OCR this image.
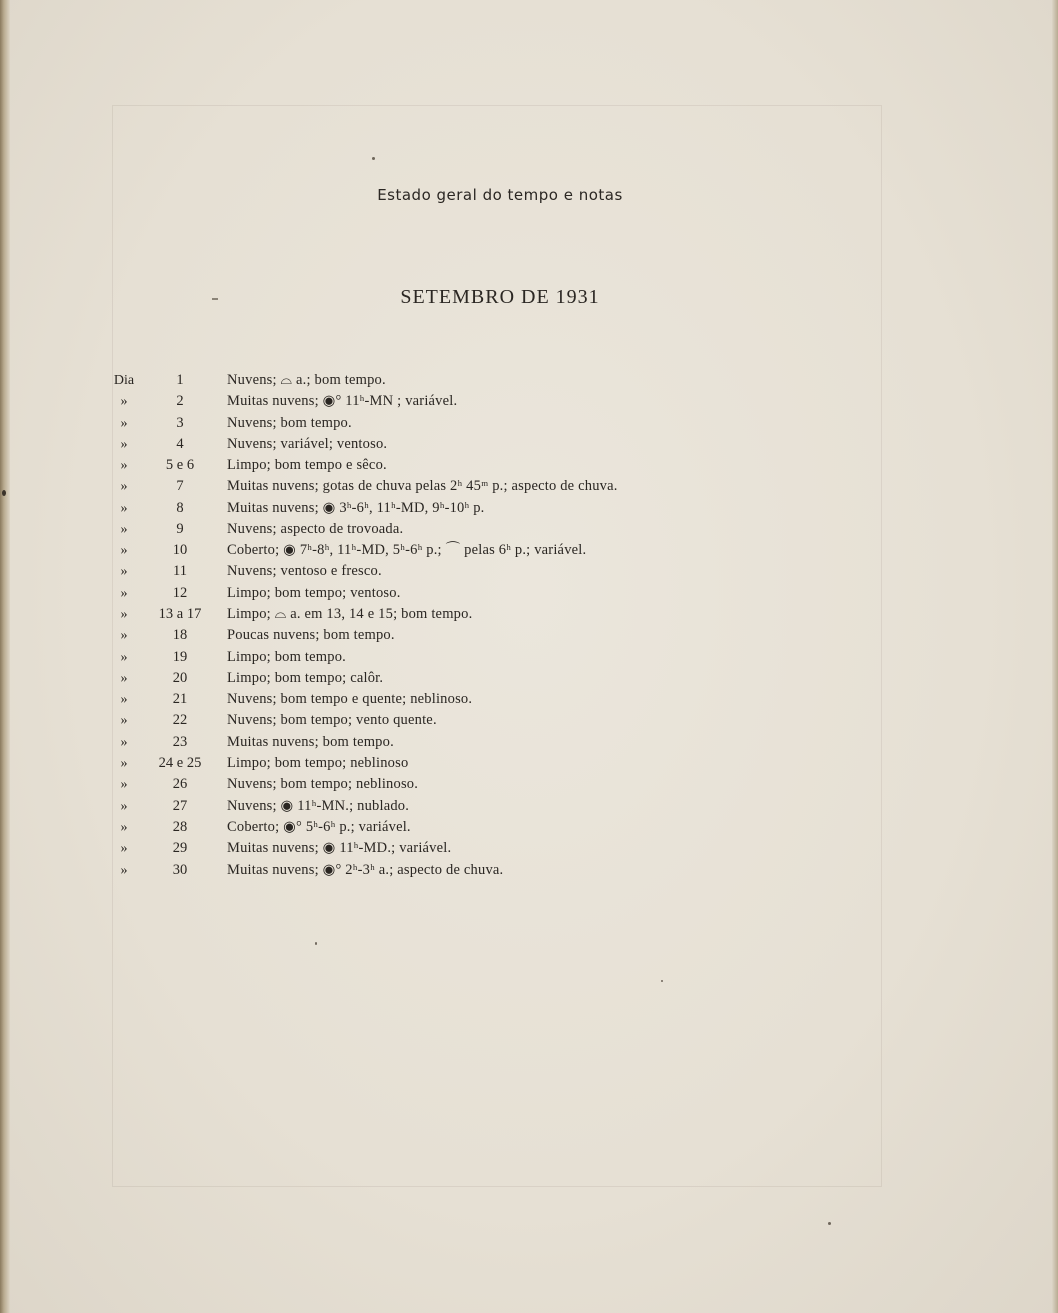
Estado geral do tempo e notas
SETEMBRO DE 1931
Dia	1	Nuvens; ⌓ a.; bom tempo.
»	2	Muitas nuvens; ◉° 11ʰ-MN ; variável.
»	3	Nuvens; bom tempo.
»	4	Nuvens; variável; ventoso.
»	5 e 6	Limpo; bom tempo e sêco.
»	7	Muitas nuvens; gotas de chuva pelas 2ʰ 45ᵐ p.; aspecto de chuva.
»	8	Muitas nuvens; ◉ 3ʰ-6ʰ, 11ʰ-MD, 9ʰ-10ʰ p.
»	9	Nuvens; aspecto de trovoada.
»	10	Coberto; ◉ 7ʰ-8ʰ, 11ʰ-MD, 5ʰ-6ʰ p.; ⌒ pelas 6ʰ p.; variável.
»	11	Nuvens; ventoso e fresco.
»	12	Limpo; bom tempo; ventoso.
»	13 a 17	Limpo; ⌓ a. em 13, 14 e 15; bom tempo.
»	18	Poucas nuvens; bom tempo.
»	19	Limpo; bom tempo.
»	20	Limpo; bom tempo; calôr.
»	21	Nuvens; bom tempo e quente; neblinoso.
»	22	Nuvens; bom tempo; vento quente.
»	23	Muitas nuvens; bom tempo.
»	24 e 25	Limpo; bom tempo; neblinoso
»	26	Nuvens; bom tempo; neblinoso.
»	27	Nuvens; ◉ 11ʰ-MN.; nublado.
»	28	Coberto; ◉° 5ʰ-6ʰ p.; variável.
»	29	Muitas nuvens; ◉ 11ʰ-MD.; variável.
»	30	Muitas nuvens; ◉° 2ʰ-3ʰ a.; aspecto de chuva.
